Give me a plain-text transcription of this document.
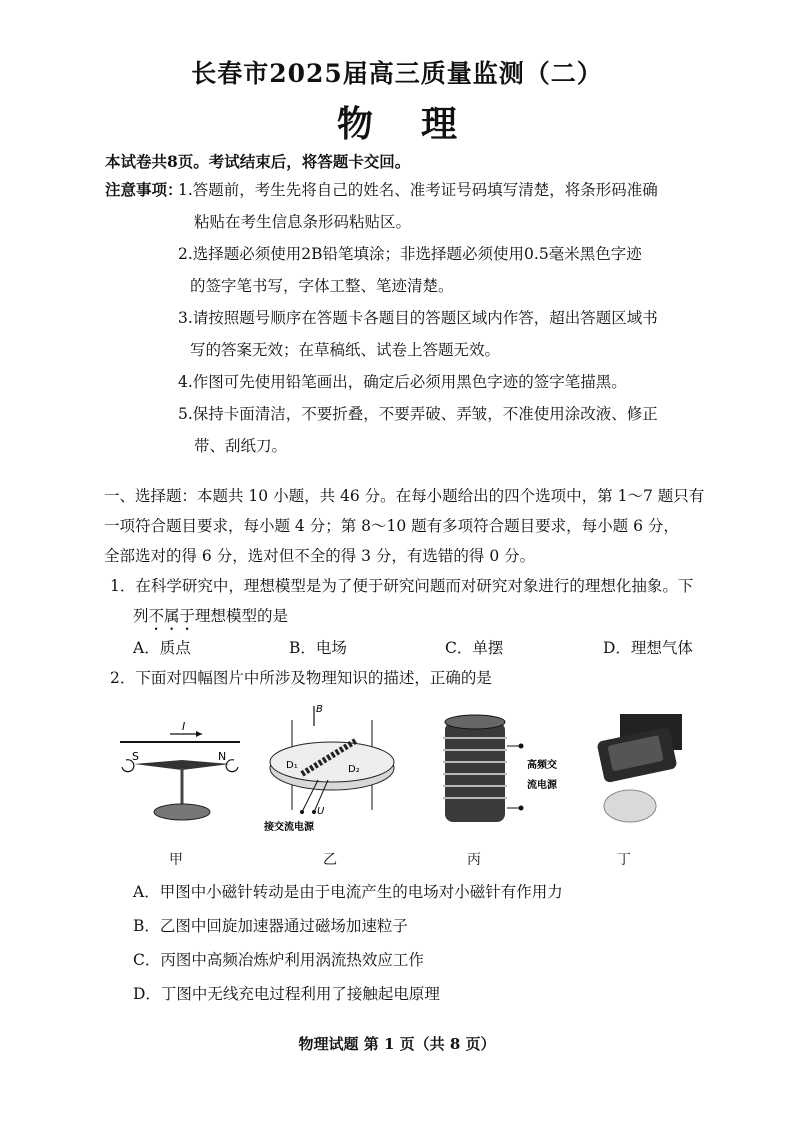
长春市2025届高三质量监测（二）
物理
本试卷共8页。考试结束后，将答题卡交回。
注意事项：
1.答题前，考生先将自己的姓名、准考证号码填写清楚，将条形码准确
粘贴在考生信息条形码粘贴区。
2.选择题必须使用2B铅笔填涂；非选择题必须使用0.5毫米黑色字迹
的签字笔书写，字体工整、笔迹清楚。
3.请按照题号顺序在答题卡各题目的答题区域内作答，超出答题区域书
写的答案无效；在草稿纸、试卷上答题无效。
4.作图可先使用铅笔画出，确定后必须用黑色字迹的签字笔描黑。
5.保持卡面清洁，不要折叠，不要弄破、弄皱，不准使用涂改液、修正
带、刮纸刀。
一、选择题：本题共 10 小题，共 46 分。在每小题给出的四个选项中，第 1～7 题只有
一项符合题目要求，每小题 4 分；第 8～10 题有多项符合题目要求，每小题 6 分，
全部选对的得 6 分，选对但不全的得 3 分，有选错的得 0 分。
1．在科学研究中，理想模型是为了便于研究问题而对研究对象进行的理想化抽象。下
列不属于理想模型的是
A．质点	B．电场	C．单摆	D．理想气体
2．下面对四幅图片中所涉及物理知识的描述，正确的是
I
S	N
B
D₁	D₂
U
接交流电源
高频交
流电源
甲	乙	丙	丁
A．甲图中小磁针转动是由于电流产生的电场对小磁针有作用力
B．乙图中回旋加速器通过磁场加速粒子
C．丙图中高频冶炼炉利用涡流热效应工作
D．丁图中无线充电过程利用了接触起电原理
物理试题 第 1 页（共 8 页）
